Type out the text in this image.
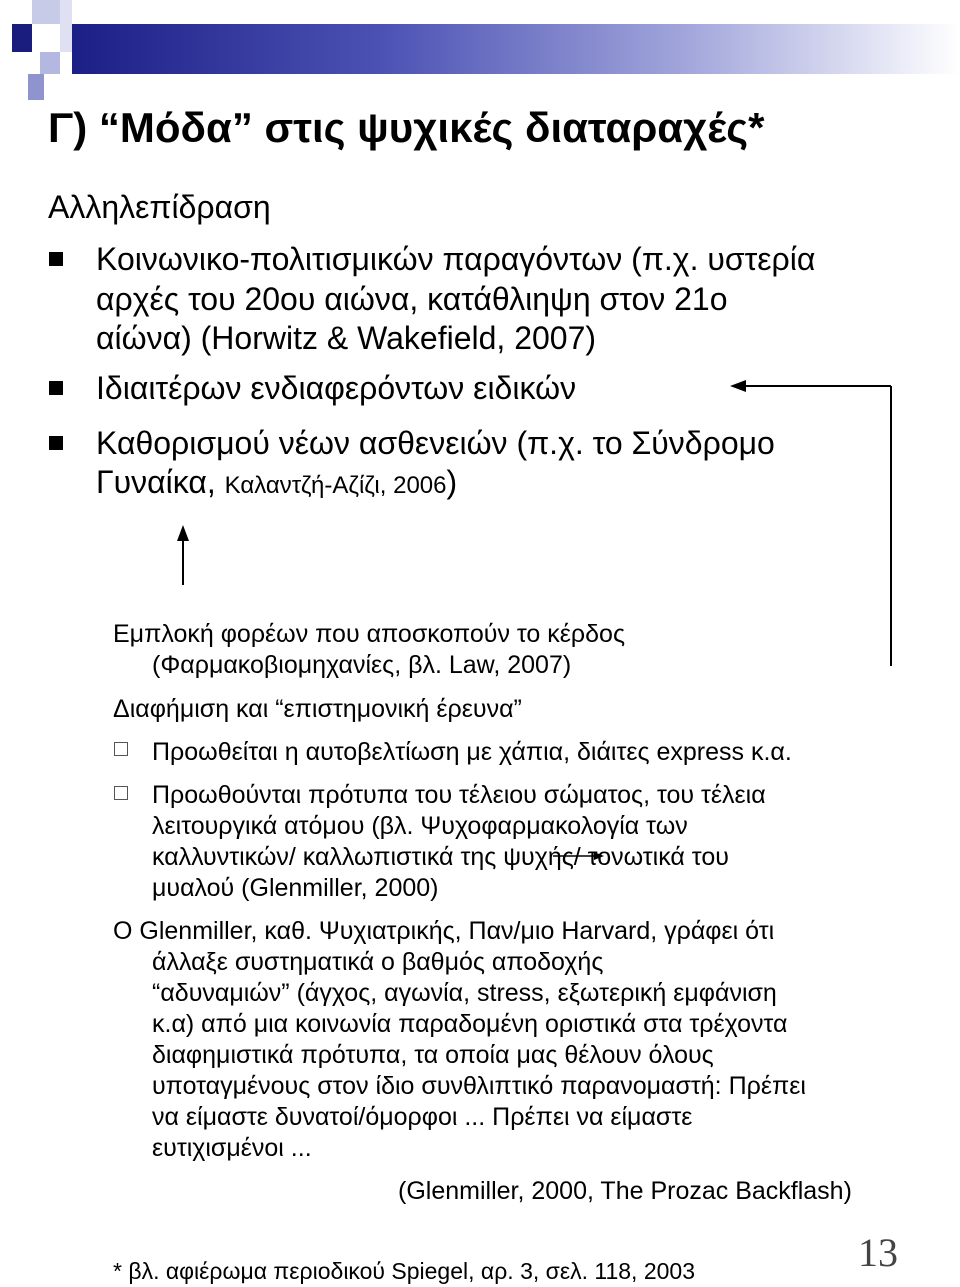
Γ) “Μόδα” στις ψυχικές διαταραχές*
Αλληλεπίδραση
Κοινωνικο-πολιτισμικών παραγόντων (π.χ. υστερία
αρχές του 20ου αιώνα, κατάθλιηψη στον 21ο
αίώνα) (Horwitz & Wakefield, 2007)
Ιδιαιτέρων ενδιαφερόντων ειδικών
Καθορισμού νέων ασθενειών (π.χ. το Σύνδρομο
Γυναίκα, Καλαντζή-Αζίζι, 2006)
Εμπλοκή φορέων που αποσκοπούν το κέρδος
(Φαρμακοβιομηχανίες, βλ. Law, 2007)
Διαφήμιση και “επιστημονική έρευνα”
Προωθείται η αυτοβελτίωση με χάπια, διάιτες express κ.α.
Προωθούνται πρότυπα του τέλειου σώματος, του τέλεια
λειτουργικά ατόμου (βλ. Ψυχοφαρμακολογία των
καλλυντικών/ καλλωπιστικά της ψυχής/ τονωτικά του
μυαλού (Glenmiller, 2000)
Ο Glenmiller, καθ. Ψυχιατρικής, Παν/μιο Harvard, γράφει ότι
άλλαξε συστηματικά ο βαθμός αποδοχής
“αδυναμιών” (άγχος, αγωνία, stress, εξωτερική εμφάνιση
κ.α) από μια κοινωνία παραδομένη οριστικά στα τρέχοντα
διαφημιστικά πρότυπα, τα οποία μας θέλουν όλους
υποταγμένους στον ίδιο συνθλιπτικό παρανομαστή: Πρέπει
να είμαστε δυνατοί/όμορφοι ... Πρέπει να είμαστε
ευτιχισμένοι ...
(Glenmiller, 2000, The Prozac Backflash)
* βλ. αφιέρωμα περιοδικού Spiegel, αρ. 3, σελ. 118, 2003	13
